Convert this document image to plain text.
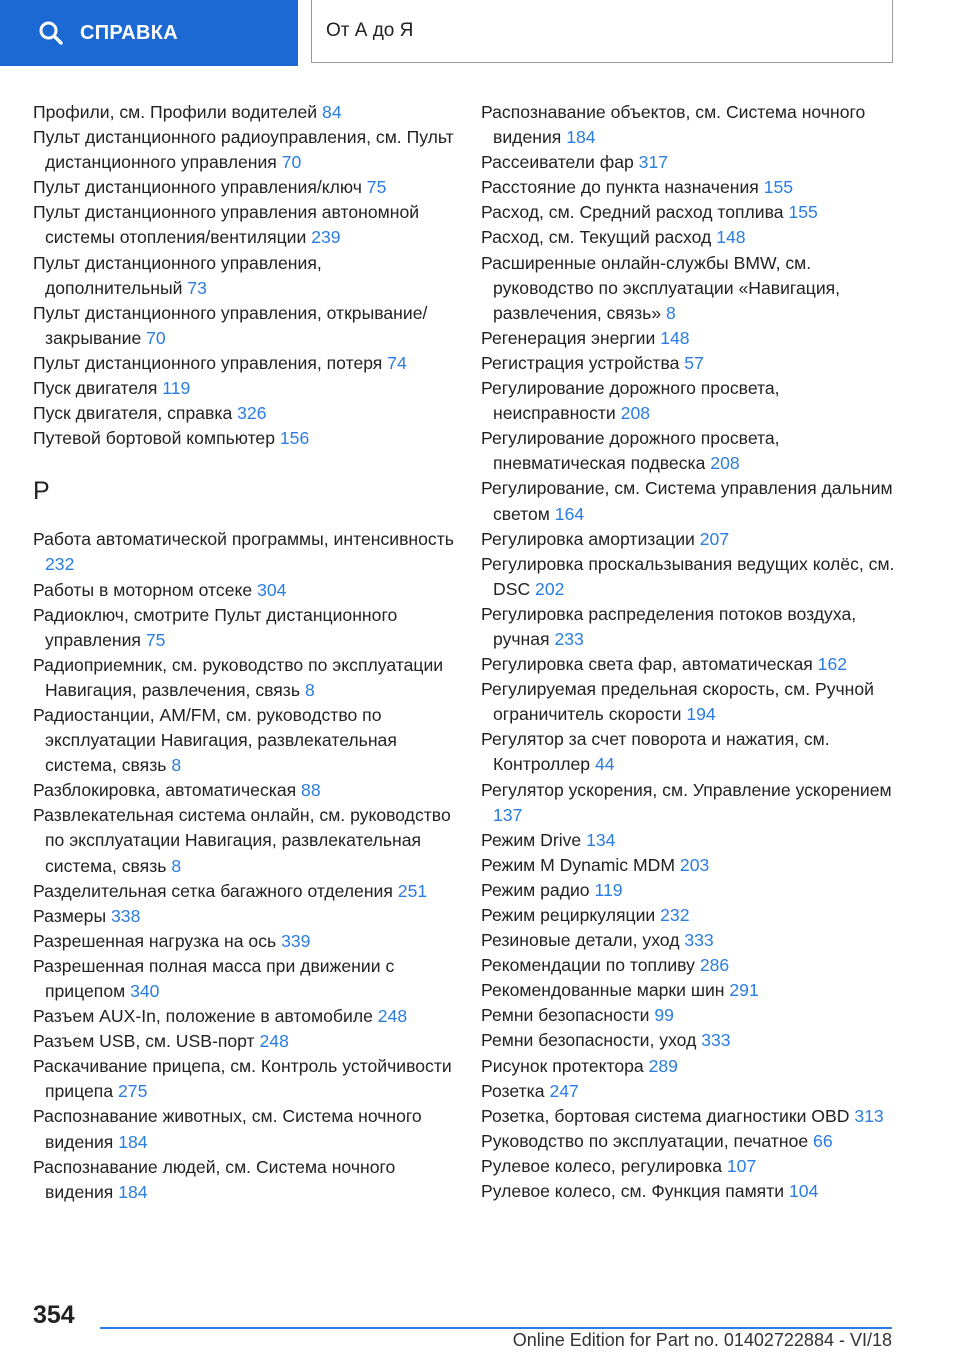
СПРАВКА	От А до Я
Профили, см. Профили водителей 84
Пульт дистанционного радиоуправления, см. Пульт дистанционного управления 70
Пульт дистанционного управления/ключ 75
Пульт дистанционного управления автономной системы отопления/вентиляции 239
Пульт дистанционного управления, дополнительный 73
Пульт дистанционного управления, открывание/закрывание 70
Пульт дистанционного управления, потеря 74
Пуск двигателя 119
Пуск двигателя, справка 326
Путевой бортовой компьютер 156
Р
Работа автоматической программы, интенсивность 232
Работы в моторном отсеке 304
Радиоключ, смотрите Пульт дистанционного управления 75
Радиоприемник, см. руководство по эксплуатации Навигация, развлечения, связь 8
Радиостанции, AM/FM, см. руководство по эксплуатации Навигация, развлекательная система, связь 8
Разблокировка, автоматическая 88
Развлекательная система онлайн, см. руководство по эксплуатации Навигация, развлекательная система, связь 8
Разделительная сетка багажного отделения 251
Размеры 338
Разрешенная нагрузка на ось 339
Разрешенная полная масса при движении с прицепом 340
Разъем AUX-In, положение в автомобиле 248
Разъем USB, см. USB-порт 248
Раскачивание прицепа, см. Контроль устойчивости прицепа 275
Распознавание животных, см. Система ночного видения 184
Распознавание людей, см. Система ночного видения 184
Распознавание объектов, см. Система ночного видения 184
Рассеиватели фар 317
Расстояние до пункта назначения 155
Расход, см. Средний расход топлива 155
Расход, см. Текущий расход 148
Расширенные онлайн-службы BMW, см. руководство по эксплуатации «Навигация, развлечения, связь» 8
Регенерация энергии 148
Регистрация устройства 57
Регулирование дорожного просвета, неисправности 208
Регулирование дорожного просвета, пневматическая подвеска 208
Регулирование, см. Система управления дальним светом 164
Регулировка амортизации 207
Регулировка проскальзывания ведущих колёс, см. DSC 202
Регулировка распределения потоков воздуха, ручная 233
Регулировка света фар, автоматическая 162
Регулируемая предельная скорость, см. Ручной ограничитель скорости 194
Регулятор за счет поворота и нажатия, см. Контроллер 44
Регулятор ускорения, см. Управление ускорением 137
Режим Drive 134
Режим M Dynamic MDM 203
Режим радио 119
Режим рециркуляции 232
Резиновые детали, уход 333
Рекомендации по топливу 286
Рекомендованные марки шин 291
Ремни безопасности 99
Ремни безопасности, уход 333
Рисунок протектора 289
Розетка 247
Розетка, бортовая система диагностики OBD 313
Руководство по эксплуатации, печатное 66
Рулевое колесо, регулировка 107
Рулевое колесо, см. Функция памяти 104
354
Online Edition for Part no. 01402722884 - VI/18
